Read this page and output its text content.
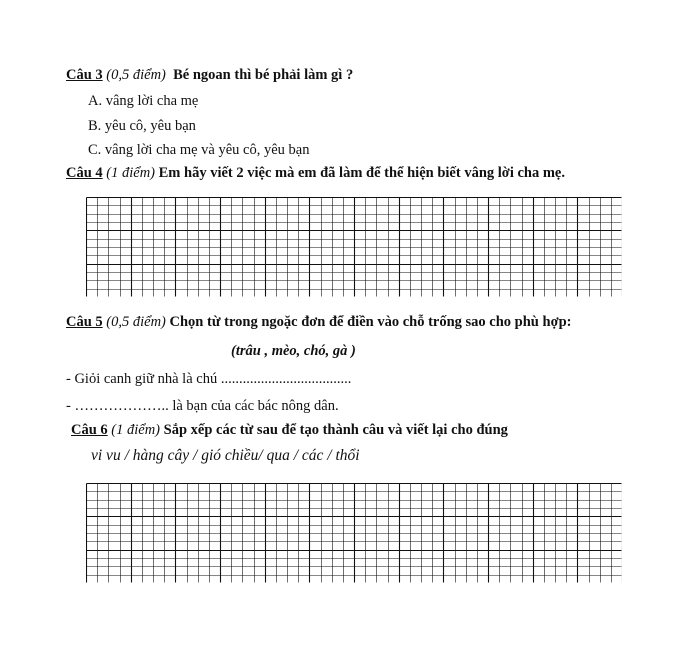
Câu 3 (0,5 điểm) Bé ngoan thì bé phải làm gì ?
A. vâng lời cha mẹ
B. yêu cô, yêu bạn
C. vâng lời cha mẹ và yêu cô, yêu bạn
Câu 4 (1 điểm) Em hãy viết 2 việc mà em đã làm để thể hiện biết vâng lời cha mẹ.
Câu 5 (0,5 điểm) Chọn từ trong ngoặc đơn để điền vào chỗ trống sao cho phù hợp:
(trâu , mèo, chó, gà )
- Giỏi canh giữ nhà là chú ....................................
- ……………….. là bạn của các bác nông dân.
Câu 6 (1 điểm) Sắp xếp các từ sau để tạo thành câu và viết lại cho đúng
vi vu / hàng cây / gió chiều/ qua / các / thổi
